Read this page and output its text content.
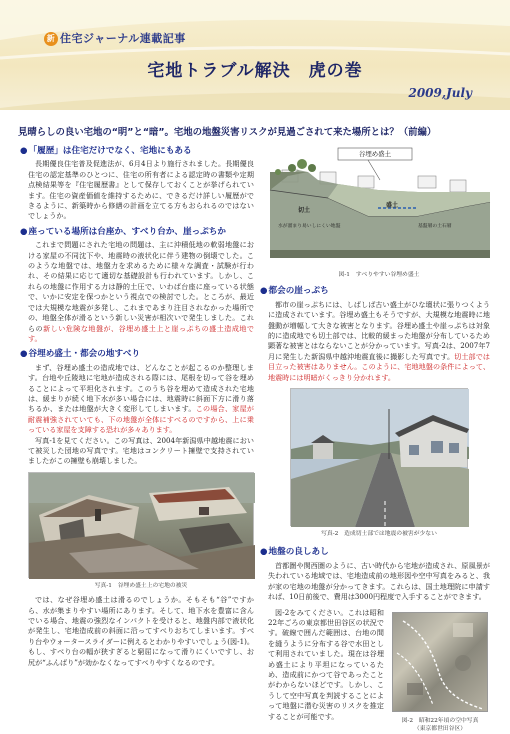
新 住宅ジャーナル連載記事
宅地トラブル解決　虎の巻
2009,July
見晴らしの良い宅地の“明”と“暗”。宅地の地盤災害リスクが見過ごされて来た場所とは？（前編）
● 「履歴」は住宅だけでなく、宅地にもある
長期優良住宅普及促進法が、6月4日より施行されました。長期優良住宅の認定基準のひとつに、住宅の所有者による認定時の書類や定期点検結果等を『住宅履歴書』として保存しておくことが挙げられています。住宅の資産価値を維持するために、できるだけ詳しい履歴ができるように、新築時から修繕の計画を立てる方もおられるのではないでしょうか。
● 座っている場所は台座か、すべり台か、崖っぷちか
これまで問題にされた宅地の問題は、主に沖積低地の軟弱地盤における家屋の不同沈下や、地震時の液状化に伴う建物の倒壊でした。このような地盤では、地盤力を求めるために様々な調査・試験が行われ、その結果に応じて適切な基礎設計も行われています。しかし、これらの地盤に作用する力は静的土圧で、いわば台座に座っている状態で、いかに安定を保つかという視点での検討でした。ところが、最近では大規模な地震が多発し、これまであまり注目されなかった場所での、地盤全体が滑るという新しい災害が相次いで発生しました。これらの新しい危険な地盤が、谷埋め盛土上と崖っぷちの盛土造成地です。
● 谷埋め盛土・都会の地すべり
まず、谷埋め盛土の造成地では、どんなことが起こるのか整理します。台地や丘陵地に宅地が造成される際には、尾根を切って谷を埋めることによって平坦化されます。このうち谷を埋めて造成された宅地は、緩まりが続く地下水が多い場合には、地震時に斜面下方に滑り落ちるか、または地盤が大きく変形してしまいます。この場合、家屋が耐震補強されていても、下の地盤が全体にすべるのですから、上に乗っている家屋を支障する恐れが多々あります。
写真-1を見てください。この写真は、2004年新潟県中越地震において被災した団地の写真です。宅地はコンクリート擁壁で支持されていましたがこの擁壁も崩壊しました。
写真-1　谷埋め盛土上の宅地の被災
では、なぜ谷埋め盛土は滑るのでしょうか。そもそも“谷”ですから、水が集まりやすい場所にあります。そして、地下水を豊富に含んでいる場合、地震の強烈なインパクトを受けると、地盤内部で液状化が発生し、宅地造成前の斜面に沿ってすべりおちてしまいます。すべり台やウォータースライダーに例えるとわかりやすいでしょう(図-1)。もし、すべり台の幅が狭すぎると窮屈になって滑りにくいですし、お尻が“ふんばり”が効かなくなってすべりやすくなるのです。
谷埋め盛土
盛土
切土
水が溜まり易いしにくい地盤	基盤層の土石層
図-1　すべりやすい谷埋め盛土
● 都会の崖っぷち
都市の崖っぷちには、しばしば古い盛土がひな壇状に張りつくように造成されています。谷埋め盛土もそうですが、大規模な地震時に地盤動が増幅して大きな被害となります。谷埋め盛土や崖っぷちは対象的に造成地でも切土部では、比較的緩まった地盤が分布しているため 顕著な被害とはならないことが分かっています。写真-2は、2007年7月に発生した新潟県中越沖地震直後に撮影した写真です。切土部では目立った被害はありません。このように、宅地地盤の条件によって、地震時には明暗がくっきり分かれます。
写真-2　造成切土部では地震の被害が少ない
● 地盤の良しあし
首都圏や関西圏のように、古い時代から宅地が造成され、原風景が失われている地域では、宅地造成前の地形図や空中写真をみると、我が家の宅地の地盤が分かってきます。これらは、国土地理院に申請すれば、10日前後で、費用は3000円程度で入手することができます。
図-2をみてください。これは昭和22年ごろの東京都世田谷区の状況です。破線で囲んだ範囲は、台地の間を縫うように分布する谷で水田として利用されていました。現在は谷埋め盛土により平坦になっているため、造成前にかつて谷であったことがわからないほどです。しかし、こうして空中写真を判読することによって地盤に潜む災害のリスクを推定することが可能です。	図-2　昭和22年頃の空中写真
（東京都世田谷区）
